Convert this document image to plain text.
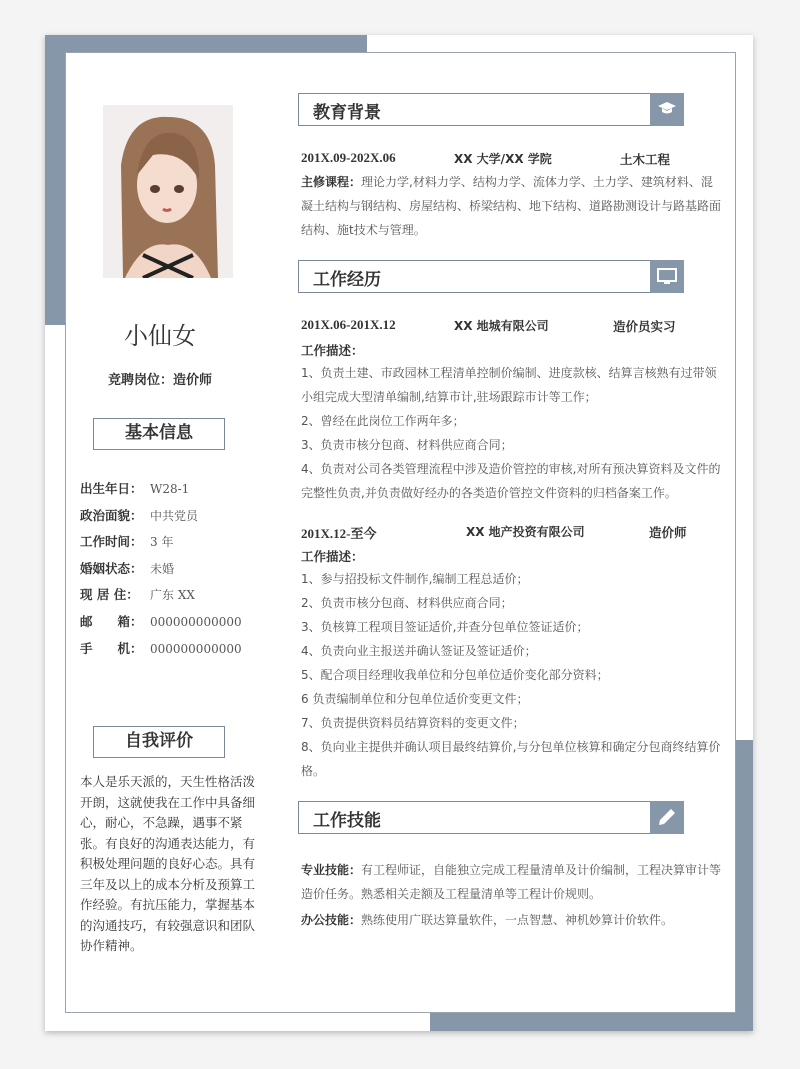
小仙女
竞聘岗位：造价师
基本信息
出生年日： W28-1
政治面貌： 中共党员
工作时间： 3 年
婚姻状态： 未婚
现 居 住： 广东 XX
邮　　箱： 000000000000
手　　机： 000000000000
自我评价
本人是乐天派的，天生性格活泼开朗，这就使我在工作中具备细心，耐心，不急躁，遇事不紧张。有良好的沟通表达能力，有积极处理问题的良好心态。具有三年及以上的成本分析及预算工作经验。有抗压能力，掌握基本的沟通技巧，有较强意识和团队协作精神。
教育背景
201X.09-202X.06	XX 大学/XX 学院	土木工程
主修课程：理论力学,材料力学、结构力学、流体力学、土力学、建筑材料、混凝土结构与钢结构、房屋结构、桥梁结构、地下结构、道路勘测设计与路基路面结构、施t技术与管理。
工作经历
201X.06-201X.12	XX 地城有限公司	造价员实习
工作描述：
1、负责土建、市政园林工程清单控制价编制、进度款核、结算言核熟有过带领小组完成大型清单编制,结算市计,驻场跟踪市计等工作；
2、曾经在此岗位工作两年多；
3、负责市核分包商、材料供应商合同；
4、负责对公司各类管理流程中涉及造价管控的审核,对所有预决算资料及文件的完整性负责,并负责做好经办的各类造价管控文件资料的归档备案工作。
201X.12-至今	XX 地产投资有限公司	造价师
工作描述：
1、参与招投标文件制作,编制工程总适价；
2、负责市核分包商、材料供应商合同；
3、负核算工程项目签证适价,并查分包单位签证适价；
4、负责向业主报送并确认签证及签证适价；
5、配合项目经理收我单位和分包单位适价变化部分资料；
6 负责编制单位和分包单位适价变更文件；
7、负责提供资料员结算资料的变更文件；
8、负向业主提供并确认项目最终结算价,与分包单位核算和确定分包商终结算价格。
工作技能
专业技能：有工程师证，自能独立完成工程量清单及计价编制，工程决算审计等造价任务。熟悉相关走额及工程量清单等工程计价规则。
办公技能：熟练使用广联达算量软件，一点智慧、神机妙算计价软件。
